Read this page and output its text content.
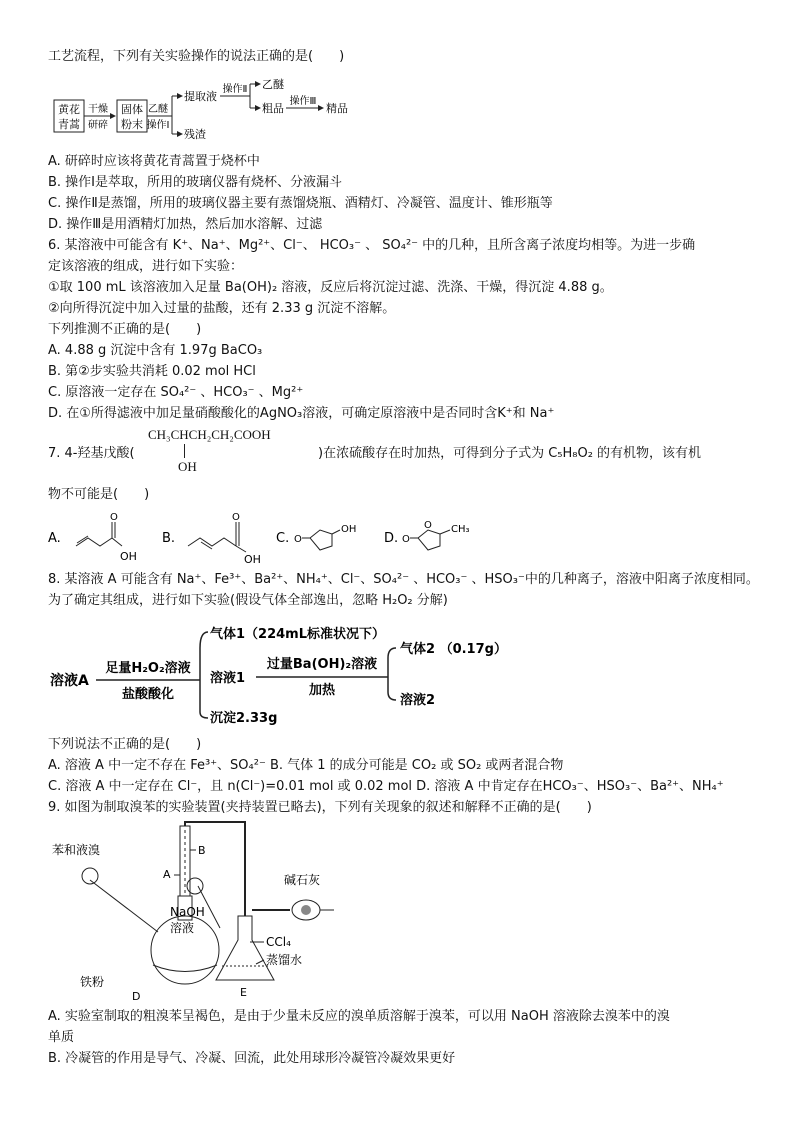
工艺流程，下列有关实验操作的说法正确的是(　　)
黄花
青蒿
干燥
研碎
固体
粉末
乙醚
操作Ⅰ
提取液
残渣
操作Ⅱ 乙醚
粗品
操作Ⅲ
精品
A. 研碎时应该将黄花青蒿置于烧杯中
B. 操作Ⅰ是萃取，所用的玻璃仪器有烧杯、分液漏斗
C. 操作Ⅱ是蒸馏，所用的玻璃仪器主要有蒸馏烧瓶、酒精灯、冷凝管、温度计、锥形瓶等
D. 操作Ⅲ是用酒精灯加热，然后加水溶解、过滤
6. 某溶液中可能含有 K⁺、Na⁺、Mg²⁺、Cl⁻、 HCO₃⁻ 、 SO₄²⁻ 中的几种，且所含离子浓度均相等。为进一步确
定该溶液的组成，进行如下实验：
①取 100 mL 该溶液加入足量 Ba(OH)₂ 溶液，反应后将沉淀过滤、洗涤、干燥，得沉淀 4.88 g。
②向所得沉淀中加入过量的盐酸，还有 2.33 g 沉淀不溶解。
下列推测不正确的是(　　)
A. 4.88 g 沉淀中含有 1.97g BaCO₃
B. 第②步实验共消耗 0.02 mol HCl
C. 原溶液一定存在 SO₄²⁻ 、HCO₃⁻ 、Mg²⁺
D. 在①所得滤液中加足量硝酸酸化的AgNO₃溶液，可确定原溶液中是否同时含K⁺和 Na⁺
CH₃CHCH₂CH₂COOH
OH
7. 4-羟基戊酸(	)在浓硫酸存在时加热，可得到分子式为 C₅H₈O₂ 的有机物，该有机
物不可能是(　　)
A.
O
OH
B.
O
OH
C. O
OH
D. O
O CH₃
8. 某溶液 A 可能含有 Na⁺、Fe³⁺、Ba²⁺、NH₄⁺、Cl⁻、SO₄²⁻ 、HCO₃⁻ 、HSO₃⁻中的几种离子，溶液中阳离子浓度相同。
为了确定其组成，进行如下实验(假设气体全部逸出，忽略 H₂O₂ 分解)
溶液A
足量H₂O₂溶液
盐酸酸化
气体1（224mL标准状况下）
溶液1
沉淀2.33g
过量Ba(OH)₂溶液
加热
气体2 （0.17g）
溶液2
下列说法不正确的是(　　)
A. 溶液 A 中一定不存在 Fe³⁺、SO₄²⁻ B. 气体 1 的成分可能是 CO₂ 或 SO₂ 或两者混合物
C. 溶液 A 中一定存在 Cl⁻，且 n(Cl⁻)=0.01 mol 或 0.02 mol D. 溶液 A 中肯定存在HCO₃⁻、HSO₃⁻、Ba²⁺、NH₄⁺
9. 如图为制取溴苯的实验装置(夹持装置已略去)，下列有关现象的叙述和解释不正确的是(　　)
B
A
D
铁粉
苯和液溴
NaOH
溶液
E
CCl₄
蒸馏水
碱石灰
A. 实验室制取的粗溴苯呈褐色，是由于少量未反应的溴单质溶解于溴苯，可以用 NaOH 溶液除去溴苯中的溴
单质
B. 冷凝管的作用是导气、冷凝、回流，此处用球形冷凝管冷凝效果更好
